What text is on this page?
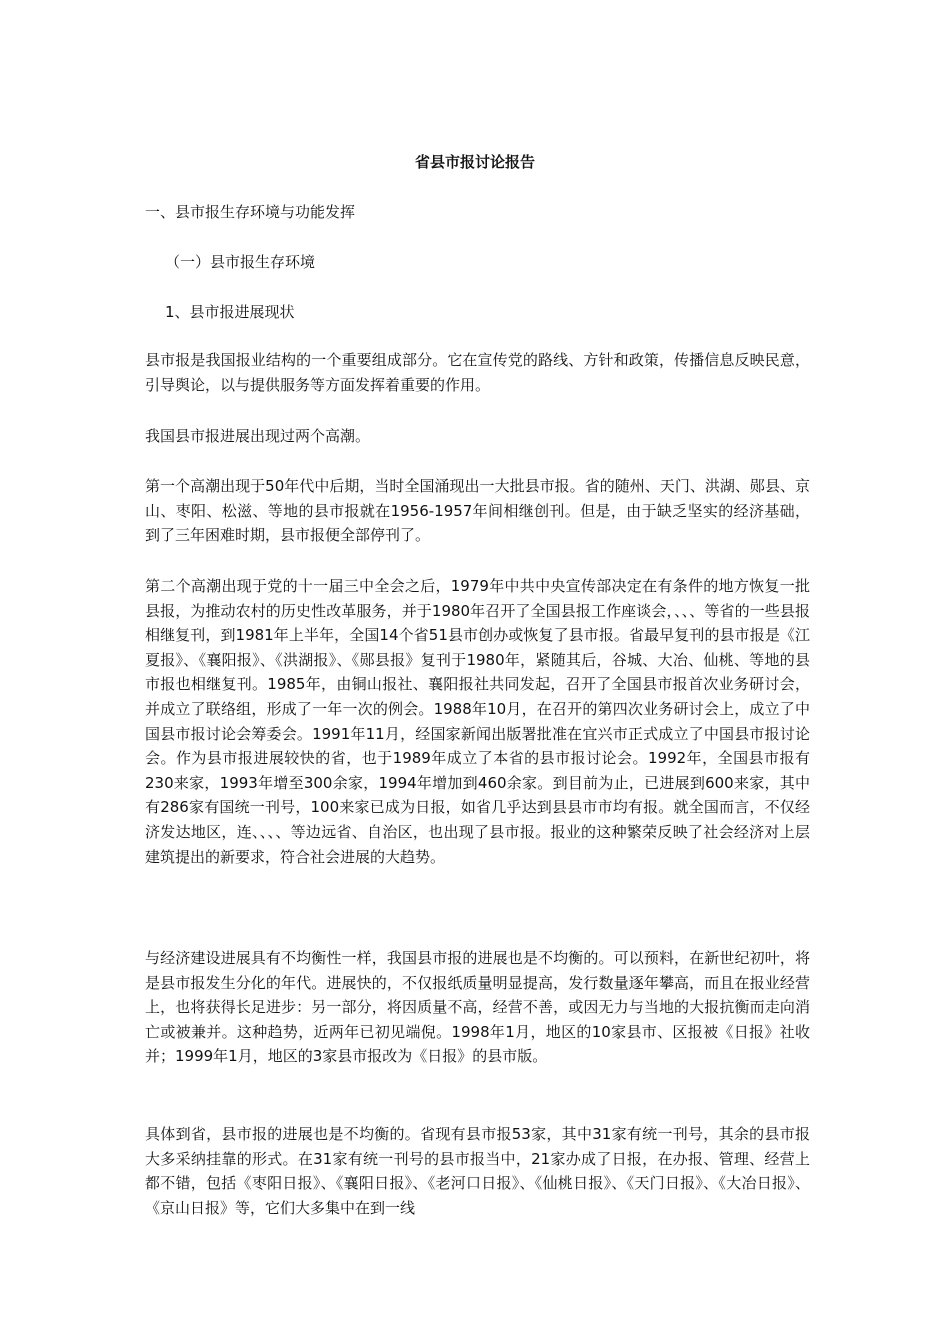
省县市报讨论报告

一、县市报生存环境与功能发挥

（一）县市报生存环境

1、县市报进展现状

县市报是我国报业结构的一个重要组成部分。它在宣传党的路线、方针和政策，传播信息反映民意，引导舆论，以与提供服务等方面发挥着重要的作用。

我国县市报进展出现过两个高潮。

第一个高潮出现于50年代中后期，当时全国涌现出一大批县市报。省的随州、天门、洪湖、郧县、京山、枣阳、松滋、等地的县市报就在1956-1957年间相继创刊。但是，由于缺乏坚实的经济基础，到了三年困难时期，县市报便全部停刊了。

第二个高潮出现于党的十一届三中全会之后，1979年中共中央宣传部决定在有条件的地方恢复一批县报，为推动农村的历史性改革服务，并于1980年召开了全国县报工作座谈会，、、、等省的一些县报相继复刊，到1981年上半年，全国14个省51县市创办或恢复了县市报。省最早复刊的县市报是《江夏报》、《襄阳报》、《洪湖报》、《郧县报》复刊于1980年，紧随其后，谷城、大冶、仙桃、等地的县市报也相继复刊。1985年，由铜山报社、襄阳报社共同发起，召开了全国县市报首次业务研讨会，并成立了联络组，形成了一年一次的例会。1988年10月，在召开的第四次业务研讨会上，成立了中国县市报讨论会筹委会。1991年11月，经国家新闻出版署批准在宜兴市正式成立了中国县市报讨论会。作为县市报进展较快的省，也于1989年成立了本省的县市报讨论会。1992年，全国县市报有230来家，1993年增至300余家，1994年增加到460余家。到目前为止，已进展到600来家，其中有286家有国统一刊号，100来家已成为日报，如省几乎达到县县市市均有报。就全国而言，不仅经济发达地区，连、、、、等边远省、自治区，也出现了县市报。报业的这种繁荣反映了社会经济对上层建筑提出的新要求，符合社会进展的大趋势。

与经济建设进展具有不均衡性一样，我国县市报的进展也是不均衡的。可以预料，在新世纪初叶，将是县市报发生分化的年代。进展快的，不仅报纸质量明显提高，发行数量逐年攀高，而且在报业经营上，也将获得长足进步：另一部分，将因质量不高，经营不善，或因无力与当地的大报抗衡而走向消亡或被兼并。这种趋势，近两年已初见端倪。1998年1月，地区的10家县市、区报被《日报》社收并；1999年1月，地区的3家县市报改为《日报》的县市版。

具体到省，县市报的进展也是不均衡的。省现有县市报53家，其中31家有统一刊号，其余的县市报大多采纳挂靠的形式。在31家有统一刊号的县市报当中，21家办成了日报，在办报、管理、经营上都不错，包括《枣阳日报》、《襄阳日报》、《老河口日报》、《仙桃日报》、《天门日报》、《大冶日报》、《京山日报》等，它们大多集中在到一线
